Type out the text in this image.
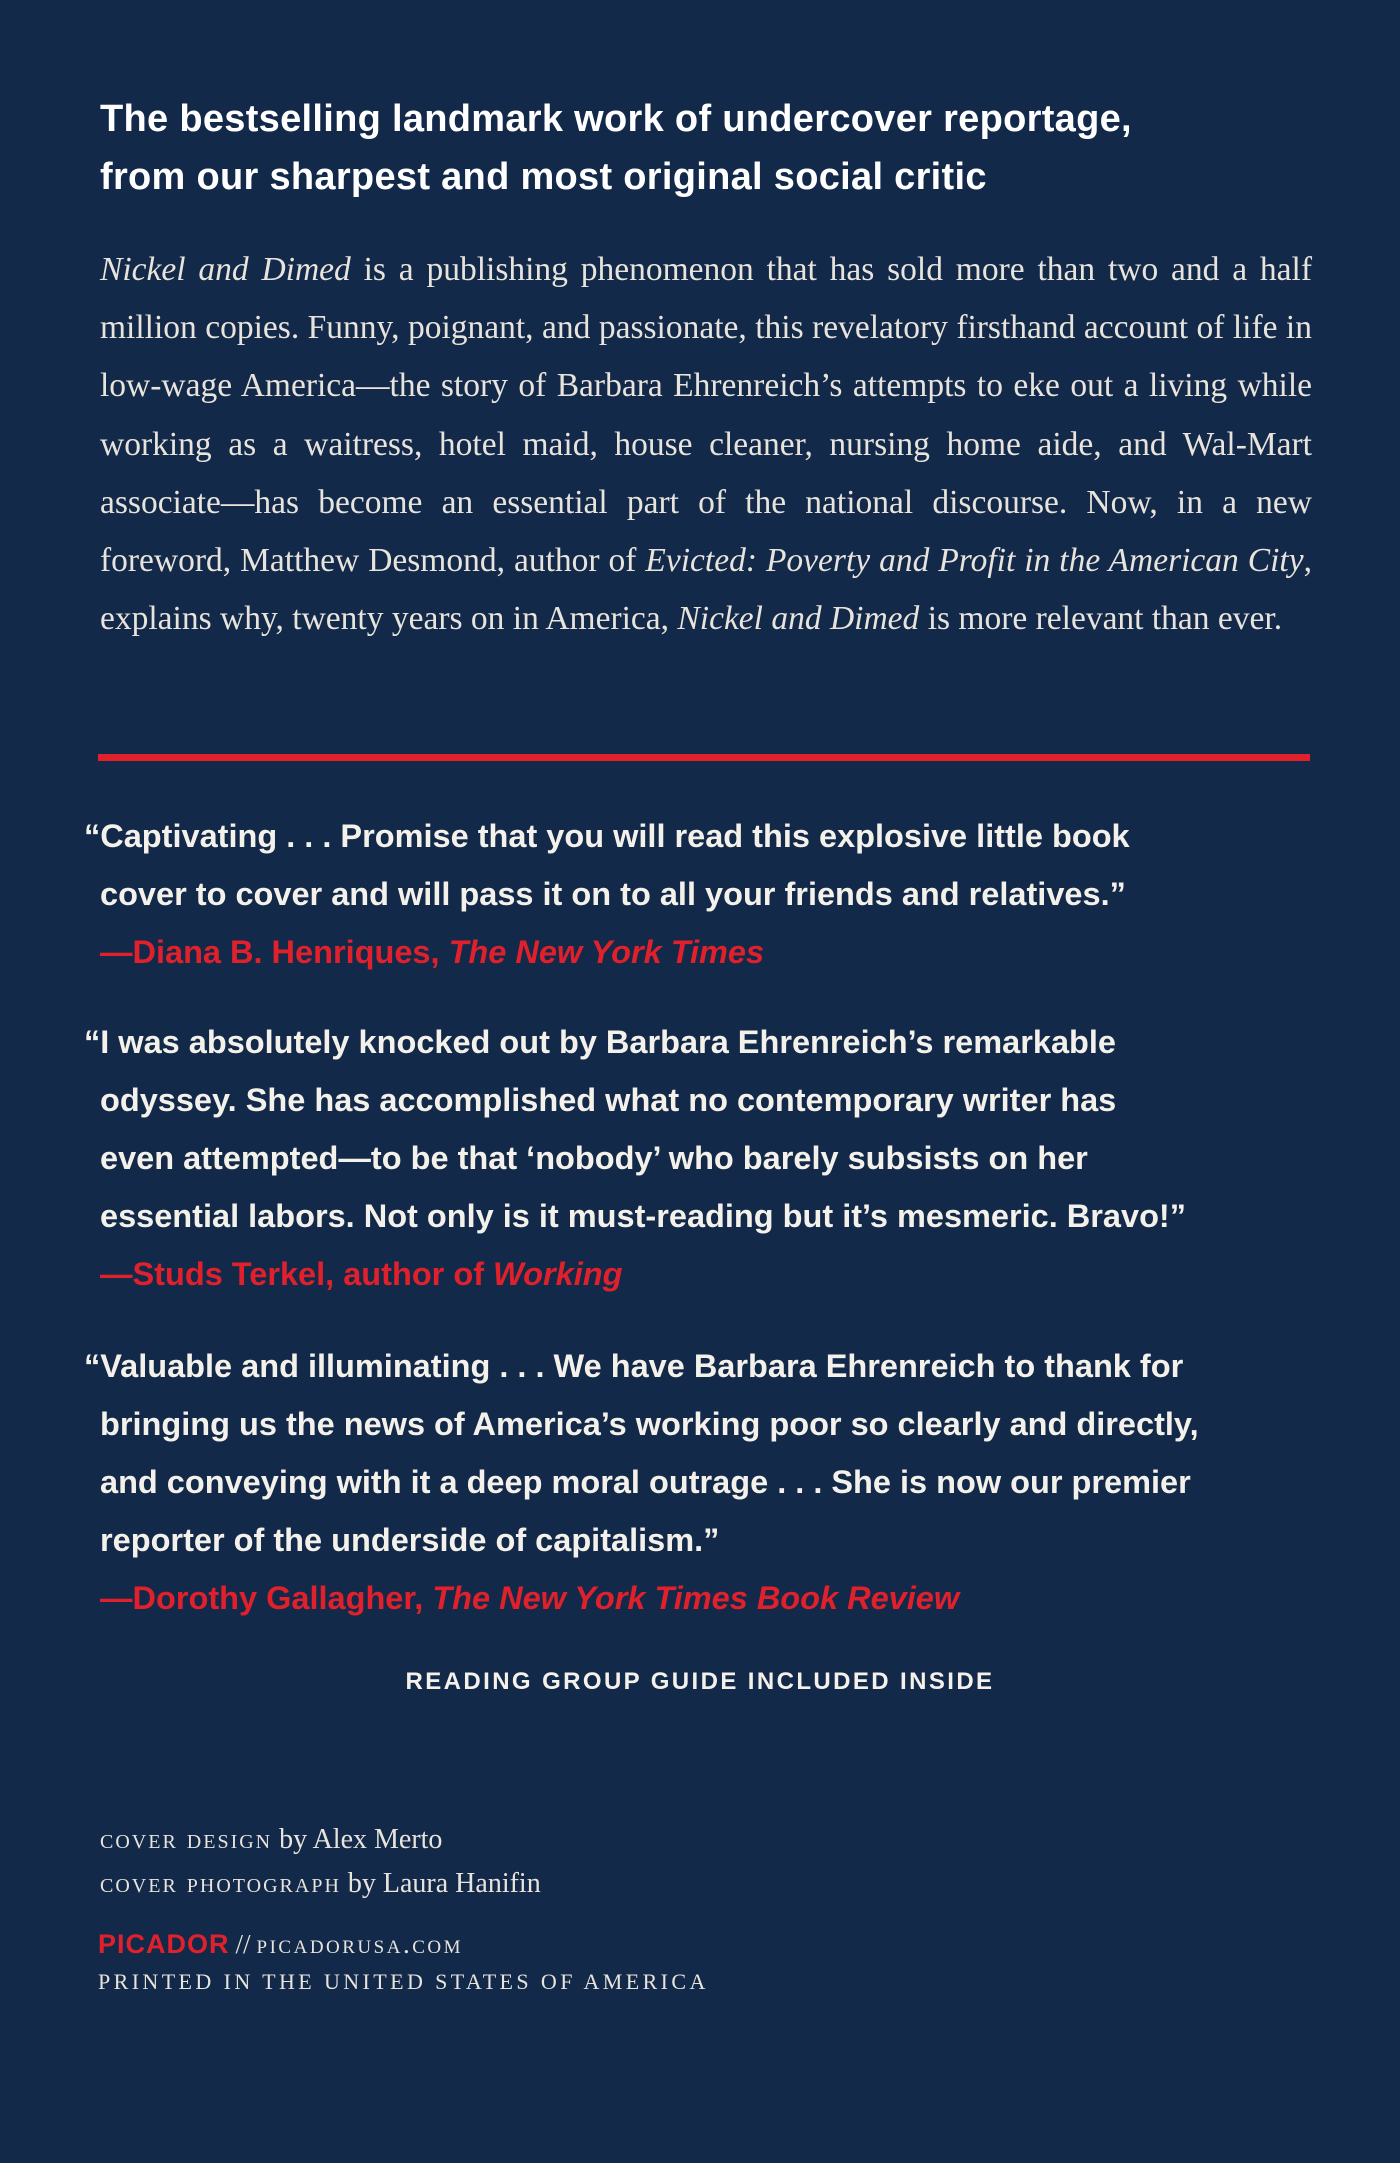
The bestselling landmark work of undercover reportage,
from our sharpest and most original social critic
Nickel and Dimed is a publishing phenomenon that has sold more than two and a half million copies. Funny, poignant, and passionate, this revelatory firsthand account of life in low-wage America—the story of Barbara Ehrenreich’s attempts to eke out a living while working as a waitress, hotel maid, house cleaner, nursing home aide, and Wal-Mart associate—has become an essential part of the national discourse. Now, in a new foreword, Matthew Desmond, author of Evicted: Poverty and Profit in the American City, explains why, twenty years on in America, Nickel and Dimed is more relevant than ever.
“Captivating . . . Promise that you will read this explosive little book
cover to cover and will pass it on to all your friends and relatives.”
—Diana B. Henriques, The New York Times
“I was absolutely knocked out by Barbara Ehrenreich’s remarkable
odyssey. She has accomplished what no contemporary writer has
even attempted—to be that ‘nobody’ who barely subsists on her
essential labors. Not only is it must-reading but it’s mesmeric. Bravo!”
—Studs Terkel, author of Working
“Valuable and illuminating . . . We have Barbara Ehrenreich to thank for
bringing us the news of America’s working poor so clearly and directly,
and conveying with it a deep moral outrage . . . She is now our premier
reporter of the underside of capitalism.”
—Dorothy Gallagher, The New York Times Book Review
READING GROUP GUIDE INCLUDED INSIDE
cover design by Alex Merto
cover photograph by Laura Hanifin
PICADOR // picadorusa.com
PRINTED IN THE UNITED STATES OF AMERICA
